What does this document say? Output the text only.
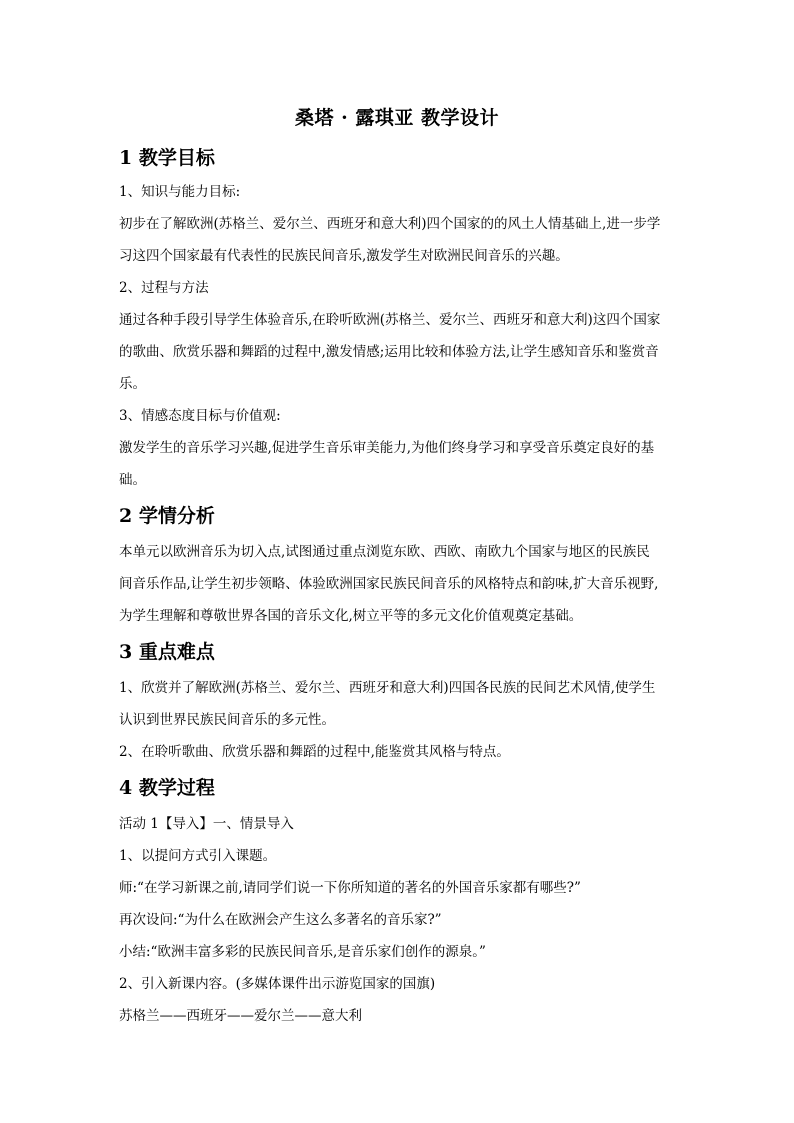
桑塔 · 露琪亚 教学设计

1 教学目标

1、知识与能力目标:

初步在了解欧洲(苏格兰、爱尔兰、西班牙和意大利)四个国家的的风土人情基础上,进一步学

习这四个国家最有代表性的民族民间音乐,激发学生对欧洲民间音乐的兴趣。

2、过程与方法

通过各种手段引导学生体验音乐,在聆听欧洲(苏格兰、爱尔兰、西班牙和意大利)这四个国家

的歌曲、欣赏乐器和舞蹈的过程中,激发情感;运用比较和体验方法,让学生感知音乐和鉴赏音

乐。

3、情感态度目标与价值观:

激发学生的音乐学习兴趣,促进学生音乐审美能力,为他们终身学习和享受音乐奠定良好的基

础。

2 学情分析

本单元以欧洲音乐为切入点,试图通过重点浏览东欧、西欧、南欧九个国家与地区的民族民

间音乐作品,让学生初步领略、体验欧洲国家民族民间音乐的风格特点和韵味,扩大音乐视野,

为学生理解和尊敬世界各国的音乐文化,树立平等的多元文化价值观奠定基础。

3 重点难点

1、欣赏并了解欧洲(苏格兰、爱尔兰、西班牙和意大利)四国各民族的民间艺术风情,使学生

认识到世界民族民间音乐的多元性。

2、在聆听歌曲、欣赏乐器和舞蹈的过程中,能鉴赏其风格与特点。

4 教学过程

活动 1【导入】一、情景导入

1、以提问方式引入课题。

师:“在学习新课之前,请同学们说一下你所知道的著名的外国音乐家都有哪些?”

再次设问:“为什么在欧洲会产生这么多著名的音乐家?”

小结:“欧洲丰富多彩的民族民间音乐,是音乐家们创作的源泉。”

2、引入新课内容。(多媒体课件出示游览国家的国旗)

苏格兰——西班牙——爱尔兰——意大利
